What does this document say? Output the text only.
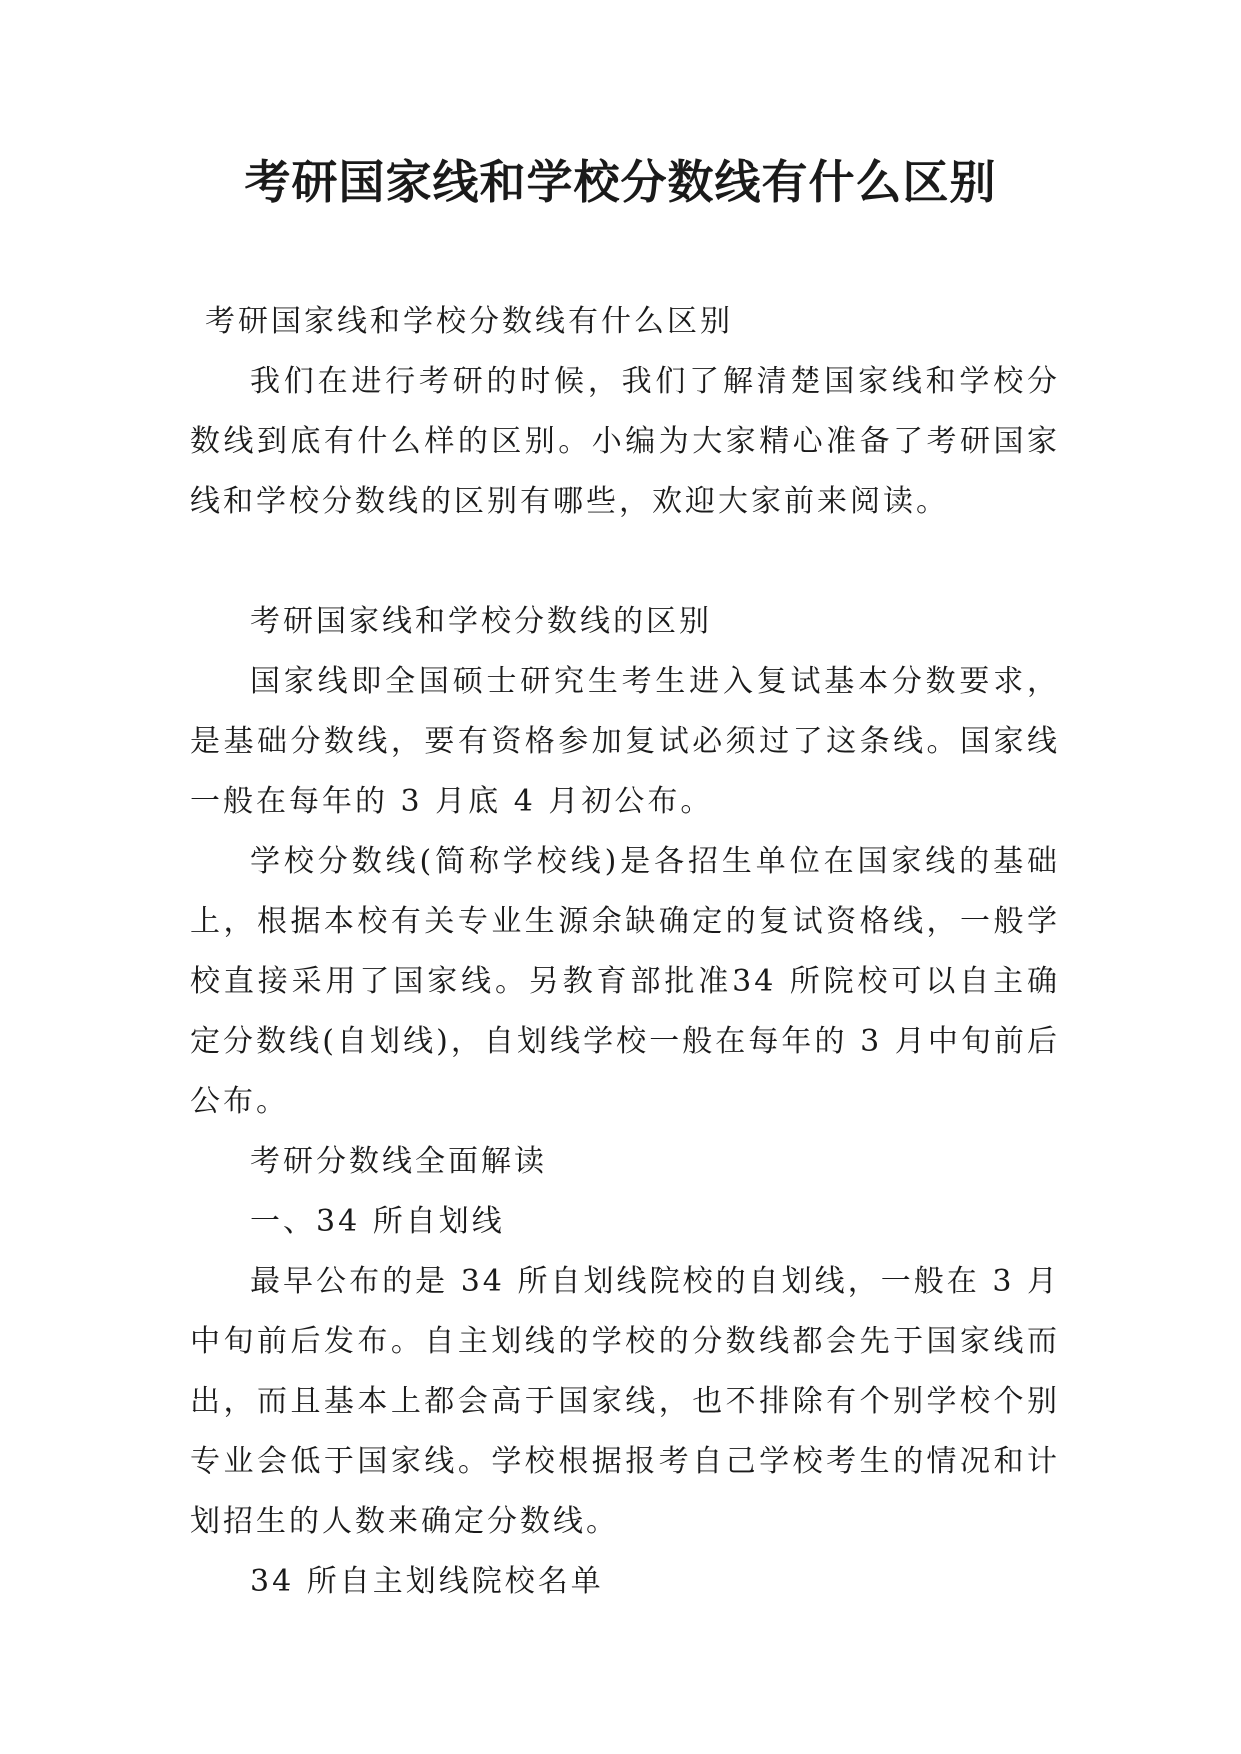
考研国家线和学校分数线有什么区别

考研国家线和学校分数线有什么区别

我们在进行考研的时候，我们了解清楚国家线和学校分数线到底有什么样的区别。小编为大家精心准备了考研国家线和学校分数线的区别有哪些，欢迎大家前来阅读。

考研国家线和学校分数线的区别

国家线即全国硕士研究生考生进入复试基本分数要求，是基础分数线，要有资格参加复试必须过了这条线。国家线一般在每年的 3 月底 4 月初公布。

学校分数线(简称学校线)是各招生单位在国家线的基础上，根据本校有关专业生源余缺确定的复试资格线，一般学校直接采用了国家线。另教育部批准34 所院校可以自主确定分数线(自划线)，自划线学校一般在每年的 3 月中旬前后公布。

考研分数线全面解读

一、34 所自划线

最早公布的是 34 所自划线院校的自划线，一般在 3 月中旬前后发布。自主划线的学校的分数线都会先于国家线而出，而且基本上都会高于国家线，也不排除有个别学校个别专业会低于国家线。学校根据报考自己学校考生的情况和计划招生的人数来确定分数线。

34 所自主划线院校名单
